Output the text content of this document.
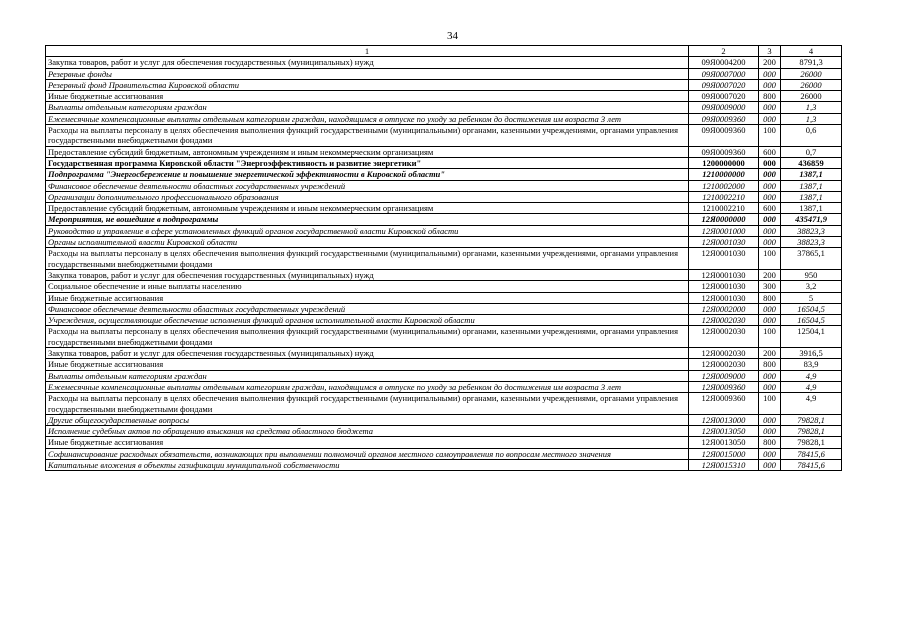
34
1	2	3	4
Закупка товаров, работ и услуг для обеспечения государственных (муниципальных) нужд	09Я0004200	200	8791,3
Резервные фонды	09Я0007000	000	26000
Резервный фонд Правительства Кировской области	09Я0007020	000	26000
Иные бюджетные ассигнования	09Я0007020	800	26000
Выплаты отдельным категориям граждан	09Я0009000	000	1,3
Ежемесячные компенсационные выплаты отдельным категориям граждан, находящимся в отпуске по уходу за ребенком до достижения им возраста 3 лет	09Я0009360	000	1,3
Расходы на выплаты персоналу в целях обеспечения выполнения функций государственными (муниципальными) органами, казенными учреждениями, органами управления государственными внебюджетными фондами	09Я0009360	100	0,6
Предоставление субсидий бюджетным, автономным учреждениям и иным некоммерческим организациям	09Я0009360	600	0,7
Государственная программа Кировской области "Энергоэффективность и развитие энергетики"	1200000000	000	436859
Подпрограмма "Энергосбережение и повышение энергетической эффективности в Кировской области"	1210000000	000	1387,1
Финансовое обеспечение деятельности областных государственных учреждений	1210002000	000	1387,1
Организации дополнительного профессионального образования	1210002210	000	1387,1
Предоставление субсидий бюджетным, автономным учреждениям и иным некоммерческим организациям	1210002210	600	1387,1
Мероприятия, не вошедшие в подпрограммы	12Я0000000	000	435471,9
Руководство и управление в сфере установленных функций органов государственной власти Кировской области	12Я0001000	000	38823,3
Органы исполнительной власти Кировской области	12Я0001030	000	38823,3
Расходы на выплаты персоналу в целях обеспечения выполнения функций государственными (муниципальными) органами, казенными учреждениями, органами управления государственными внебюджетными фондами	12Я0001030	100	37865,1
Закупка товаров, работ и услуг для обеспечения государственных (муниципальных) нужд	12Я0001030	200	950
Социальное обеспечение и иные выплаты населению	12Я0001030	300	3,2
Иные бюджетные ассигнования	12Я0001030	800	5
Финансовое обеспечение деятельности областных государственных учреждений	12Я0002000	000	16504,5
Учреждения, осуществляющие обеспечение исполнения функций органов исполнительной власти Кировской области	12Я0002030	000	16504,5
Расходы на выплаты персоналу в целях обеспечения выполнения функций государственными (муниципальными) органами, казенными учреждениями, органами управления государственными внебюджетными фондами	12Я0002030	100	12504,1
Закупка товаров, работ и услуг для обеспечения государственных (муниципальных) нужд	12Я0002030	200	3916,5
Иные бюджетные ассигнования	12Я0002030	800	83,9
Выплаты отдельным категориям граждан	12Я0009000	000	4,9
Ежемесячные компенсационные выплаты отдельным категориям граждан, находящимся в отпуске по уходу за ребенком до достижения им возраста 3 лет	12Я0009360	000	4,9
Расходы на выплаты персоналу в целях обеспечения выполнения функций государственными (муниципальными) органами, казенными учреждениями, органами управления государственными внебюджетными фондами	12Я0009360	100	4,9
Другие общегосударственные вопросы	12Я0013000	000	79828,1
Исполнение судебных актов по обращению взыскания на средства областного бюджета	12Я0013050	000	79828,1
Иные бюджетные ассигнования	12Я0013050	800	79828,1
Софинансирование расходных обязательств, возникающих при выполнении полномочий органов местного самоуправления по вопросам местного значения	12Я0015000	000	78415,6
Капитальные вложения в объекты газификации муниципальной собственности	12Я0015310	000	78415,6
